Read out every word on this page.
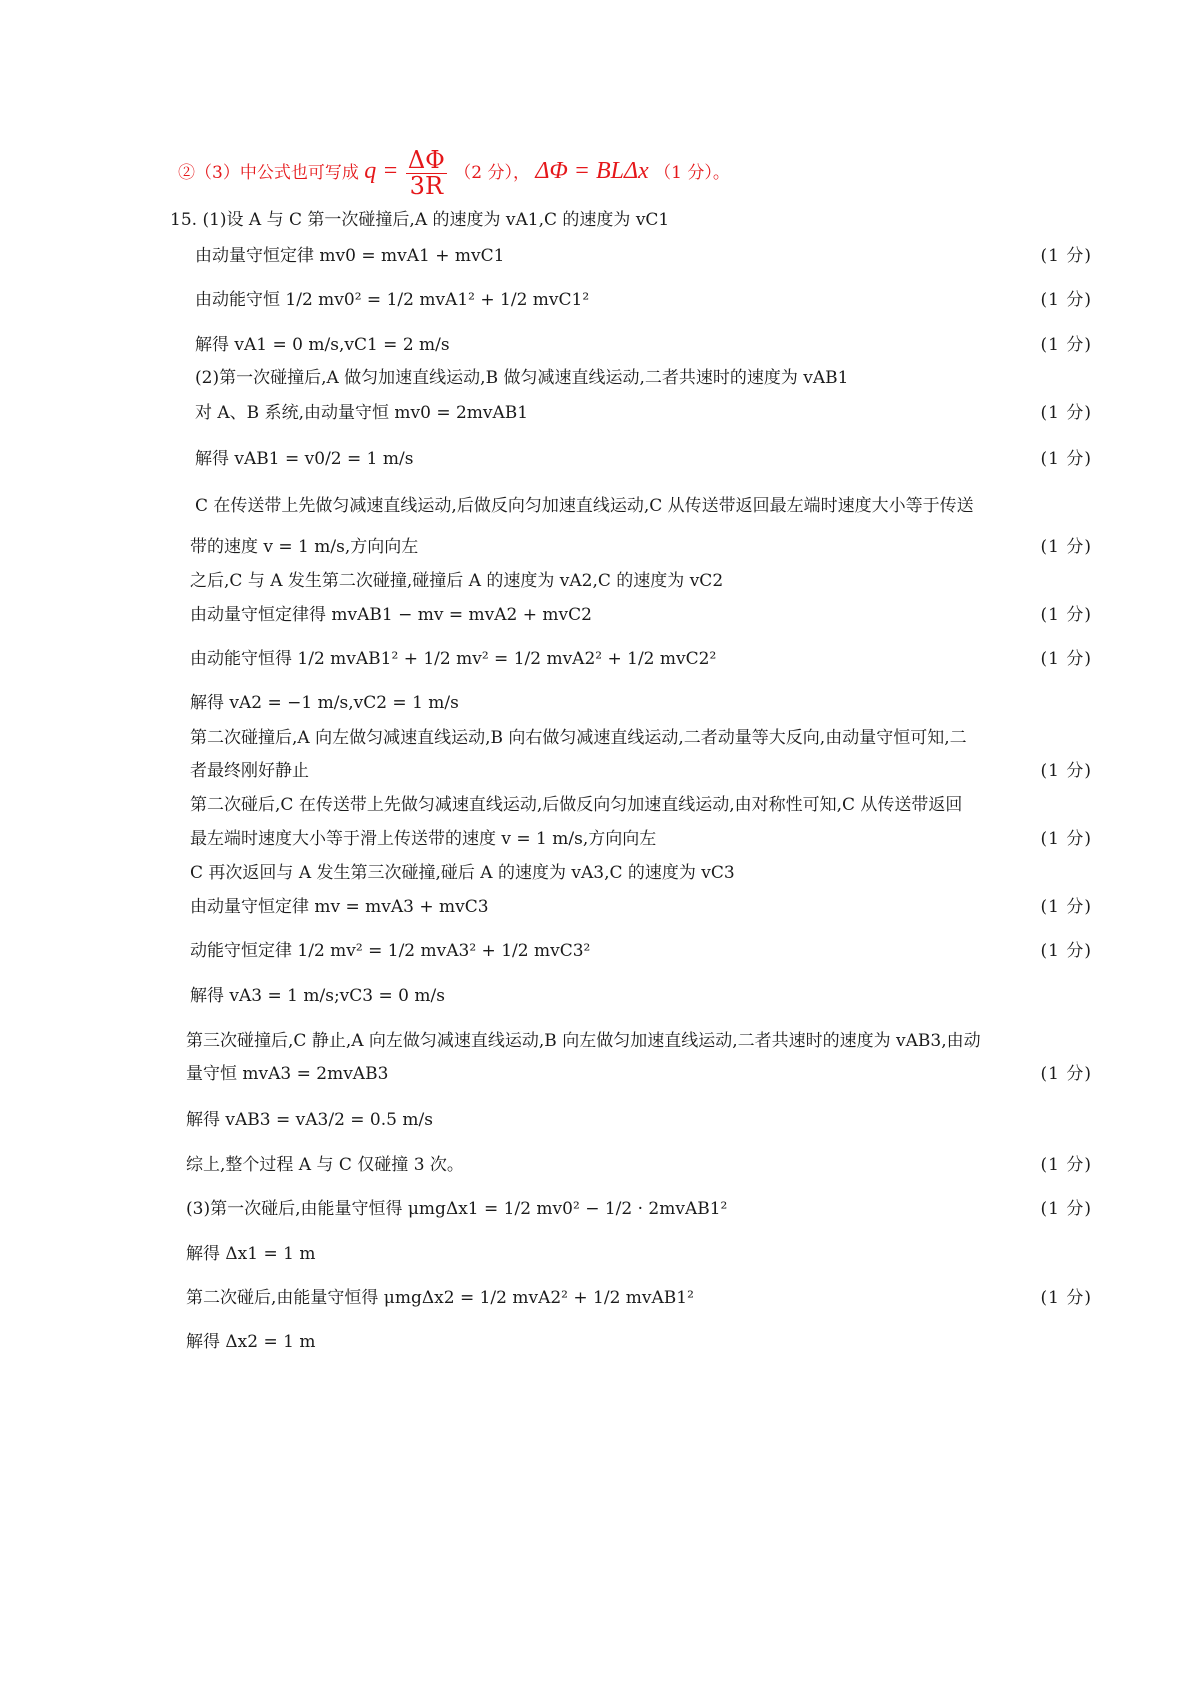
②（3）中公式也可写成 $q = \frac{\Delta\Phi}{3R} (2$ 分）， ΔΦ = BLΔx （1 分）。
15. (1)设 A 与 C 第一次碰撞后,A 的速度为 vA1,C 的速度为 vC1
由动量守恒定律 mv0 = mvA1 + mvC1	(1 分)
由动能守恒 1/2 mv0² = 1/2 mvA1² + 1/2 mvC1²	(1 分)
解得 vA1 = 0 m/s,vC1 = 2 m/s	(1 分)
(2)第一次碰撞后,A 做匀加速直线运动,B 做匀减速直线运动,二者共速时的速度为 vAB1
对 A、B 系统,由动量守恒 mv0 = 2mvAB1	(1 分)
解得 vAB1 = v0/2 = 1 m/s	(1 分)
C 在传送带上先做匀减速直线运动,后做反向匀加速直线运动,C 从传送带返回最左端时速度大小等于传送
带的速度 v = 1 m/s,方向向左	(1 分)
之后,C 与 A 发生第二次碰撞,碰撞后 A 的速度为 vA2,C 的速度为 vC2
由动量守恒定律得 mvAB1 − mv = mvA2 + mvC2	(1 分)
由动能守恒得 1/2 mvAB1² + 1/2 mv² = 1/2 mvA2² + 1/2 mvC2²	(1 分)
解得 vA2 = −1 m/s,vC2 = 1 m/s
第二次碰撞后,A 向左做匀减速直线运动,B 向右做匀减速直线运动,二者动量等大反向,由动量守恒可知,二
者最终刚好静止	(1 分)
第二次碰后,C 在传送带上先做匀减速直线运动,后做反向匀加速直线运动,由对称性可知,C 从传送带返回
最左端时速度大小等于滑上传送带的速度 v = 1 m/s,方向向左	(1 分)
C 再次返回与 A 发生第三次碰撞,碰后 A 的速度为 vA3,C 的速度为 vC3
由动量守恒定律 mv = mvA3 + mvC3	(1 分)
动能守恒定律 1/2 mv² = 1/2 mvA3² + 1/2 mvC3²	(1 分)
解得 vA3 = 1 m/s;vC3 = 0 m/s
第三次碰撞后,C 静止,A 向左做匀减速直线运动,B 向左做匀加速直线运动,二者共速时的速度为 vAB3,由动
量守恒 mvA3 = 2mvAB3	(1 分)
解得 vAB3 = vA3/2 = 0.5 m/s
综上,整个过程 A 与 C 仅碰撞 3 次。	(1 分)
(3)第一次碰后,由能量守恒得 μmgΔx1 = 1/2 mv0² − 1/2 · 2mvAB1²	(1 分)
解得 Δx1 = 1 m
第二次碰后,由能量守恒得 μmgΔx2 = 1/2 mvA2² + 1/2 mvAB1²	(1 分)
解得 Δx2 = 1 m
